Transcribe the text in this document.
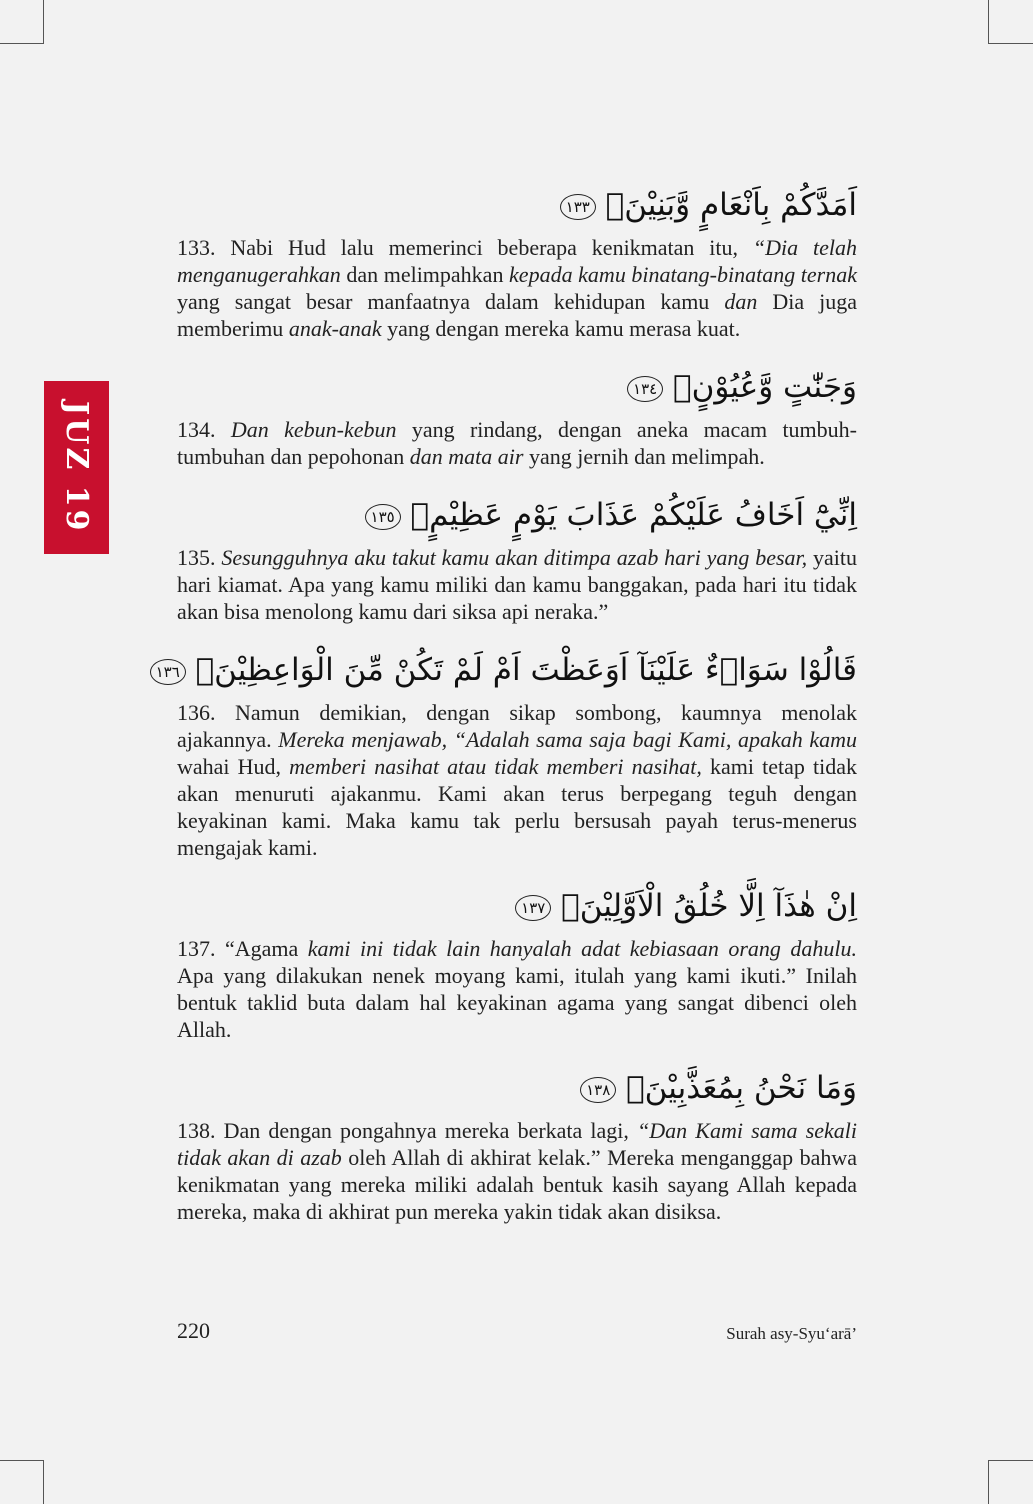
JUZ 19
اَمَدَّكُمْ بِاَنْعَامٍ وَّبَنِيْنَۙ ١٣٣

133. Nabi Hud lalu memerinci beberapa kenikmatan itu, “Dia telah menganugerahkan dan melimpahkan kepada kamu binatang-binatang ternak yang sangat besar manfaatnya dalam kehidupan kamu dan Dia juga memberimu anak-anak yang dengan mereka kamu merasa kuat.

وَجَنّٰتٍ وَّعُيُوْنٍۚ ١٣٤

134. Dan kebun-kebun yang rindang, dengan aneka macam tumbuh-tumbuhan dan pepohonan dan mata air yang jernih dan melimpah.

اِنِّيْٓ اَخَافُ عَلَيْكُمْ عَذَابَ يَوْمٍ عَظِيْمٍۗ ١٣٥

135. Sesungguhnya aku takut kamu akan ditimpa azab hari yang besar, yaitu hari kiamat. Apa yang kamu miliki dan kamu banggakan, pada hari itu tidak akan bisa menolong kamu dari siksa api neraka.”

قَالُوْا سَوَاۤءٌ عَلَيْنَآ اَوَعَظْتَ اَمْ لَمْ تَكُنْ مِّنَ الْوَاعِظِيْنَۙ ١٣٦

136. Namun demikian, dengan sikap sombong, kaumnya menolak ajakannya. Mereka menjawab, “Adalah sama saja bagi Kami, apakah kamu wahai Hud, memberi nasihat atau tidak memberi nasihat, kami tetap tidak akan menuruti ajakanmu. Kami akan terus berpegang teguh dengan keyakinan kami. Maka kamu tak perlu bersusah payah terus-menerus mengajak kami.

اِنْ هٰذَآ اِلَّا خُلُقُ الْاَوَّلِيْنَۙ ١٣٧

137. “Agama kami ini tidak lain hanyalah adat kebiasaan orang dahulu. Apa yang dilakukan nenek moyang kami, itulah yang kami ikuti.” Inilah bentuk taklid buta dalam hal keyakinan agama yang sangat dibenci oleh Allah.

وَمَا نَحْنُ بِمُعَذَّبِيْنَۚ ١٣٨

138. Dan dengan pongahnya mereka berkata lagi, “Dan Kami sama sekali tidak akan di azab oleh Allah di akhirat kelak.” Mereka menganggap bahwa kenikmatan yang mereka miliki adalah bentuk kasih sayang Allah kepada mereka, maka di akhirat pun mereka yakin tidak akan disiksa.

220	Surah asy-Syu‘arā’
